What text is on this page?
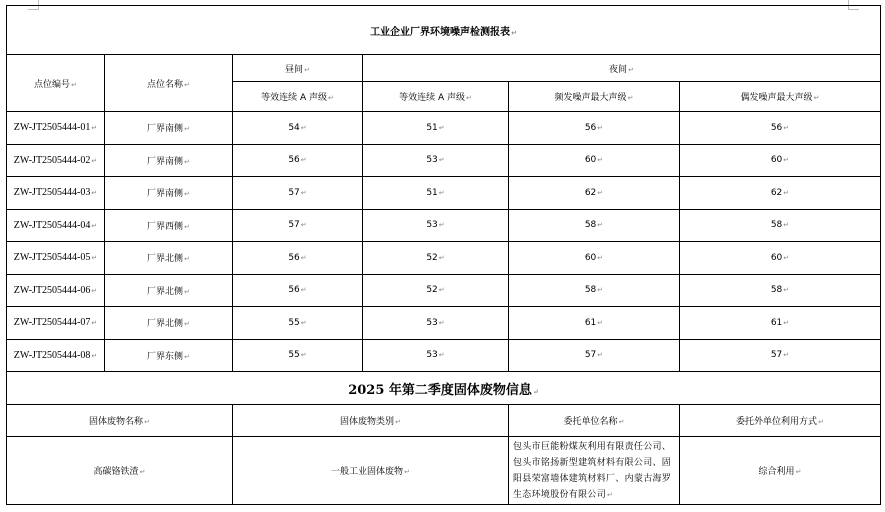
工业企业厂界环境噪声检测报表 ↵
点位编号 ↵	点位名称 ↵	昼间 ↵	夜间 ↵
		等效连续 A 声级 ↵	等效连续 A 声级 ↵	频发噪声最大声级 ↵	偶发噪声最大声级 ↵
ZW-JT2505444-01 ↵	厂界南侧 ↵	54 ↵	51 ↵	56 ↵	56 ↵
ZW-JT2505444-02 ↵	厂界南侧 ↵	56 ↵	53 ↵	60 ↵	60 ↵
ZW-JT2505444-03 ↵	厂界南侧 ↵	57 ↵	51 ↵	62 ↵	62 ↵
ZW-JT2505444-04 ↵	厂界西侧 ↵	57 ↵	53 ↵	58 ↵	58 ↵
ZW-JT2505444-05 ↵	厂界北侧 ↵	56 ↵	52 ↵	60 ↵	60 ↵
ZW-JT2505444-06 ↵	厂界北侧 ↵	56 ↵	52 ↵	58 ↵	58 ↵
ZW-JT2505444-07 ↵	厂界北侧 ↵	55 ↵	53 ↵	61 ↵	61 ↵
ZW-JT2505444-08 ↵	厂界东侧 ↵	55 ↵	53 ↵	57 ↵	57 ↵
2025 年第二季度固体废物信息 ↵
固体废物名称 ↵		固体废物类别 ↵		委托单位名称 ↵	委托外单位利用方式 ↵
高碳铬铁渣 ↵		一般工业固体废物 ↵		包头市巨能粉煤灰利用有限责任公司、包头市铭扬新型建筑材料有限公司、固阳县荣富墙体建筑材料厂、内蒙古海罗生态环境股份有限公司 ↵	综合利用 ↵
